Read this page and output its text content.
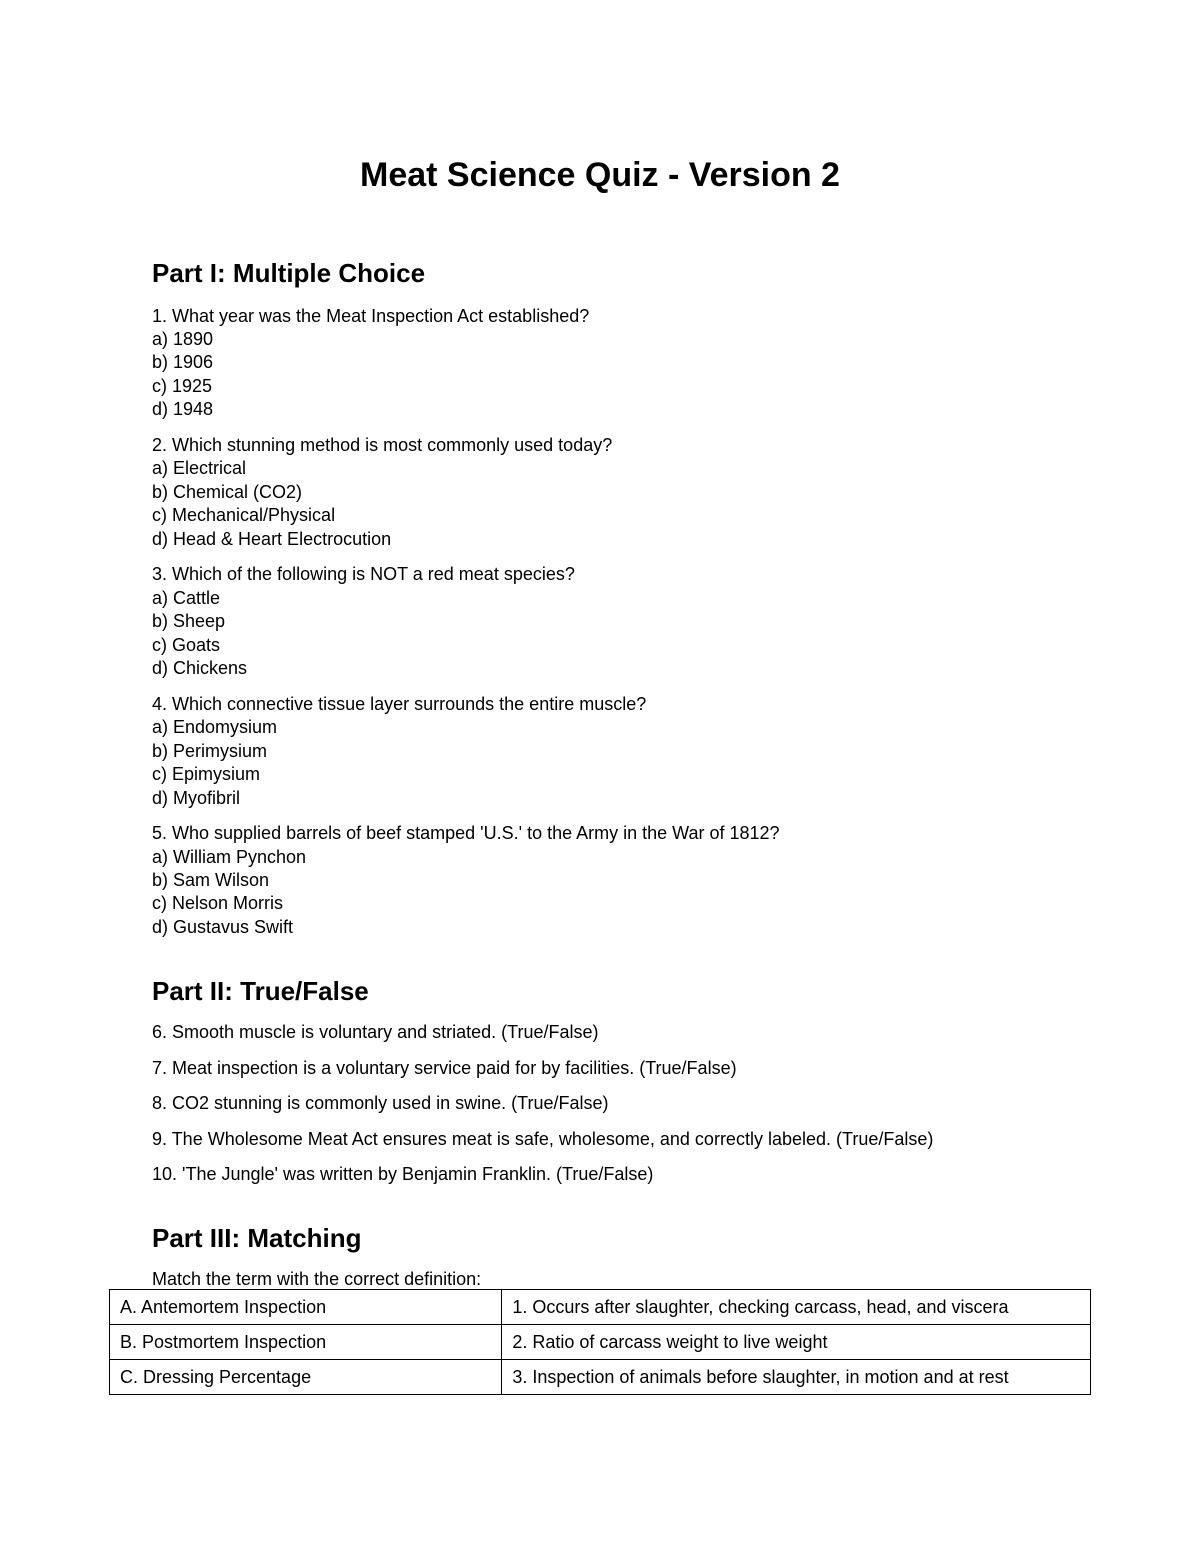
Meat Science Quiz - Version 2
Part I: Multiple Choice
1. What year was the Meat Inspection Act established?
a) 1890
b) 1906
c) 1925
d) 1948
2. Which stunning method is most commonly used today?
a) Electrical
b) Chemical (CO2)
c) Mechanical/Physical
d) Head & Heart Electrocution
3. Which of the following is NOT a red meat species?
a) Cattle
b) Sheep
c) Goats
d) Chickens
4. Which connective tissue layer surrounds the entire muscle?
a) Endomysium
b) Perimysium
c) Epimysium
d) Myofibril
5. Who supplied barrels of beef stamped 'U.S.' to the Army in the War of 1812?
a) William Pynchon
b) Sam Wilson
c) Nelson Morris
d) Gustavus Swift
Part II: True/False
6. Smooth muscle is voluntary and striated. (True/False)
7. Meat inspection is a voluntary service paid for by facilities. (True/False)
8. CO2 stunning is commonly used in swine. (True/False)
9. The Wholesome Meat Act ensures meat is safe, wholesome, and correctly labeled. (True/False)
10. 'The Jungle' was written by Benjamin Franklin. (True/False)
Part III: Matching
Match the term with the correct definition:
A. Antemortem Inspection	1. Occurs after slaughter, checking carcass, head, and viscera
B. Postmortem Inspection	2. Ratio of carcass weight to live weight
C. Dressing Percentage	3. Inspection of animals before slaughter, in motion and at rest
